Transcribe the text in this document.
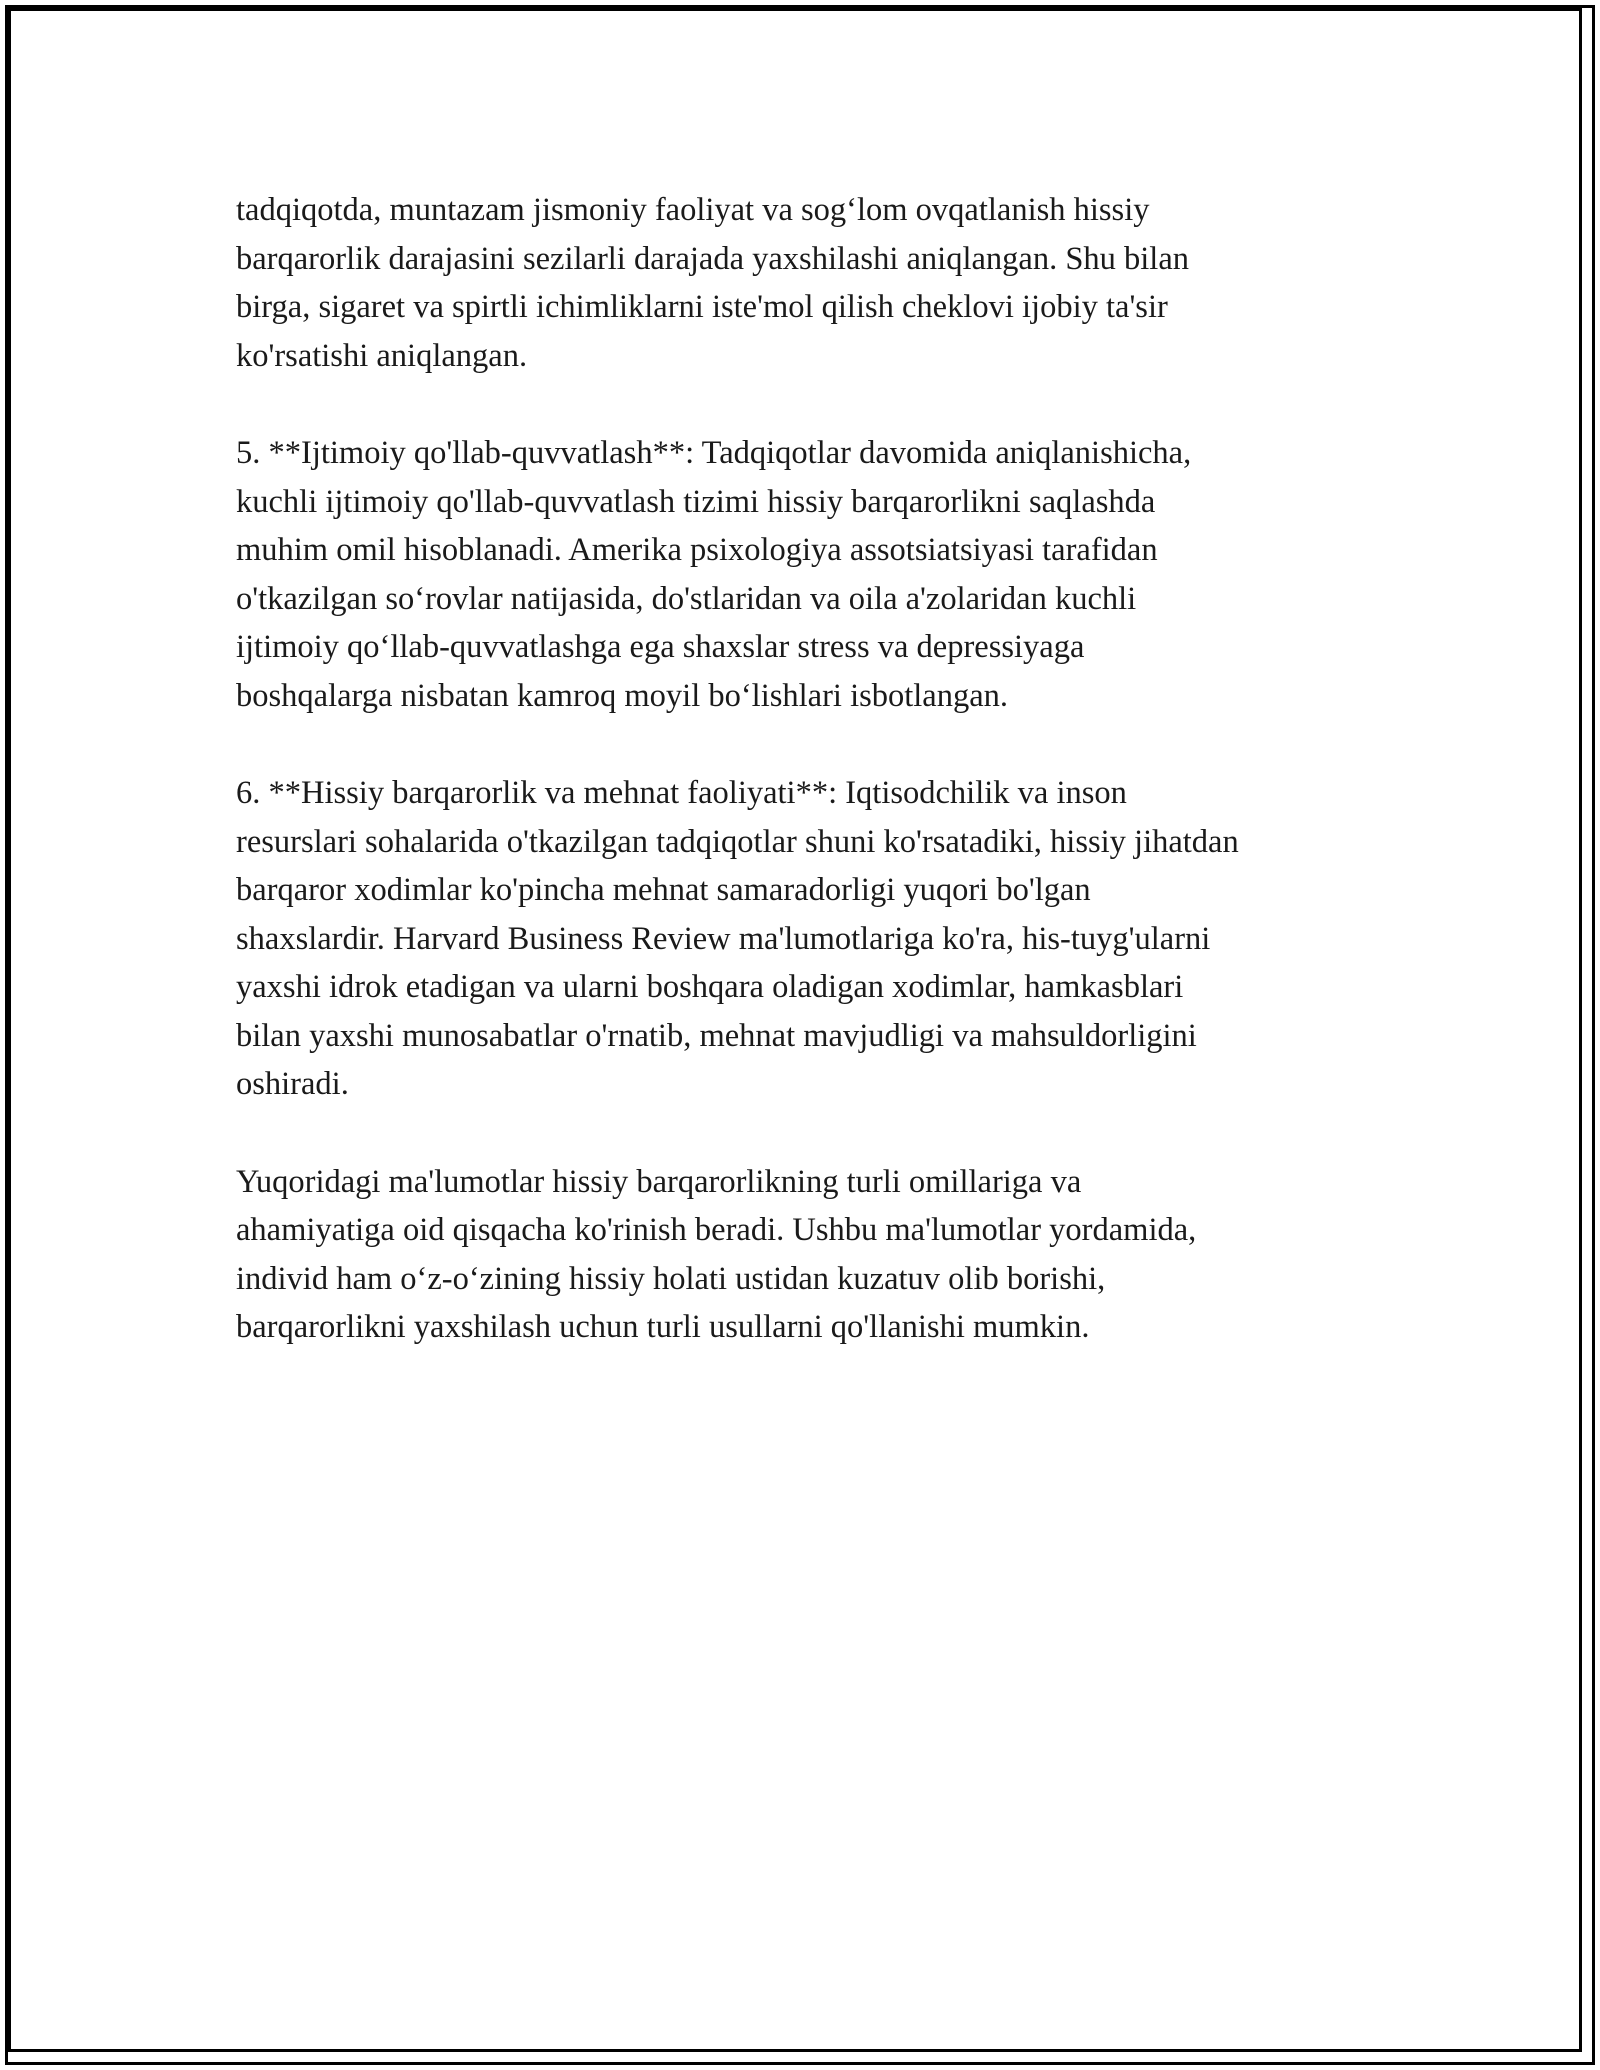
tadqiqotda, muntazam jismoniy faoliyat va sog‘lom ovqatlanish hissiy
barqarorlik darajasini sezilarli darajada yaxshilashi aniqlangan. Shu bilan
birga, sigaret va spirtli ichimliklarni iste'mol qilish cheklovi ijobiy ta'sir
ko'rsatishi aniqlangan.

5. **Ijtimoiy qo'llab-quvvatlash**: Tadqiqotlar davomida aniqlanishicha,
kuchli ijtimoiy qo'llab-quvvatlash tizimi hissiy barqarorlikni saqlashda
muhim omil hisoblanadi. Amerika psixologiya assotsiatsiyasi tarafidan
o'tkazilgan so‘rovlar natijasida, do'stlaridan va oila a'zolaridan kuchli
ijtimoiy qo‘llab-quvvatlashga ega shaxslar stress va depressiyaga
boshqalarga nisbatan kamroq moyil bo‘lishlari isbotlangan.

6. **Hissiy barqarorlik va mehnat faoliyati**: Iqtisodchilik va inson
resurslari sohalarida o'tkazilgan tadqiqotlar shuni ko'rsatadiki, hissiy jihatdan
barqaror xodimlar ko'pincha mehnat samaradorligi yuqori bo'lgan
shaxslardir. Harvard Business Review ma'lumotlariga ko'ra, his-tuyg'ularni
yaxshi idrok etadigan va ularni boshqara oladigan xodimlar, hamkasblari
bilan yaxshi munosabatlar o'rnatib, mehnat mavjudligi va mahsuldorligini
oshiradi.

Yuqoridagi ma'lumotlar hissiy barqarorlikning turli omillariga va
ahamiyatiga oid qisqacha ko'rinish beradi. Ushbu ma'lumotlar yordamida,
individ ham o‘z-o‘zining hissiy holati ustidan kuzatuv olib borishi,
barqarorlikni yaxshilash uchun turli usullarni qo'llanishi mumkin.
